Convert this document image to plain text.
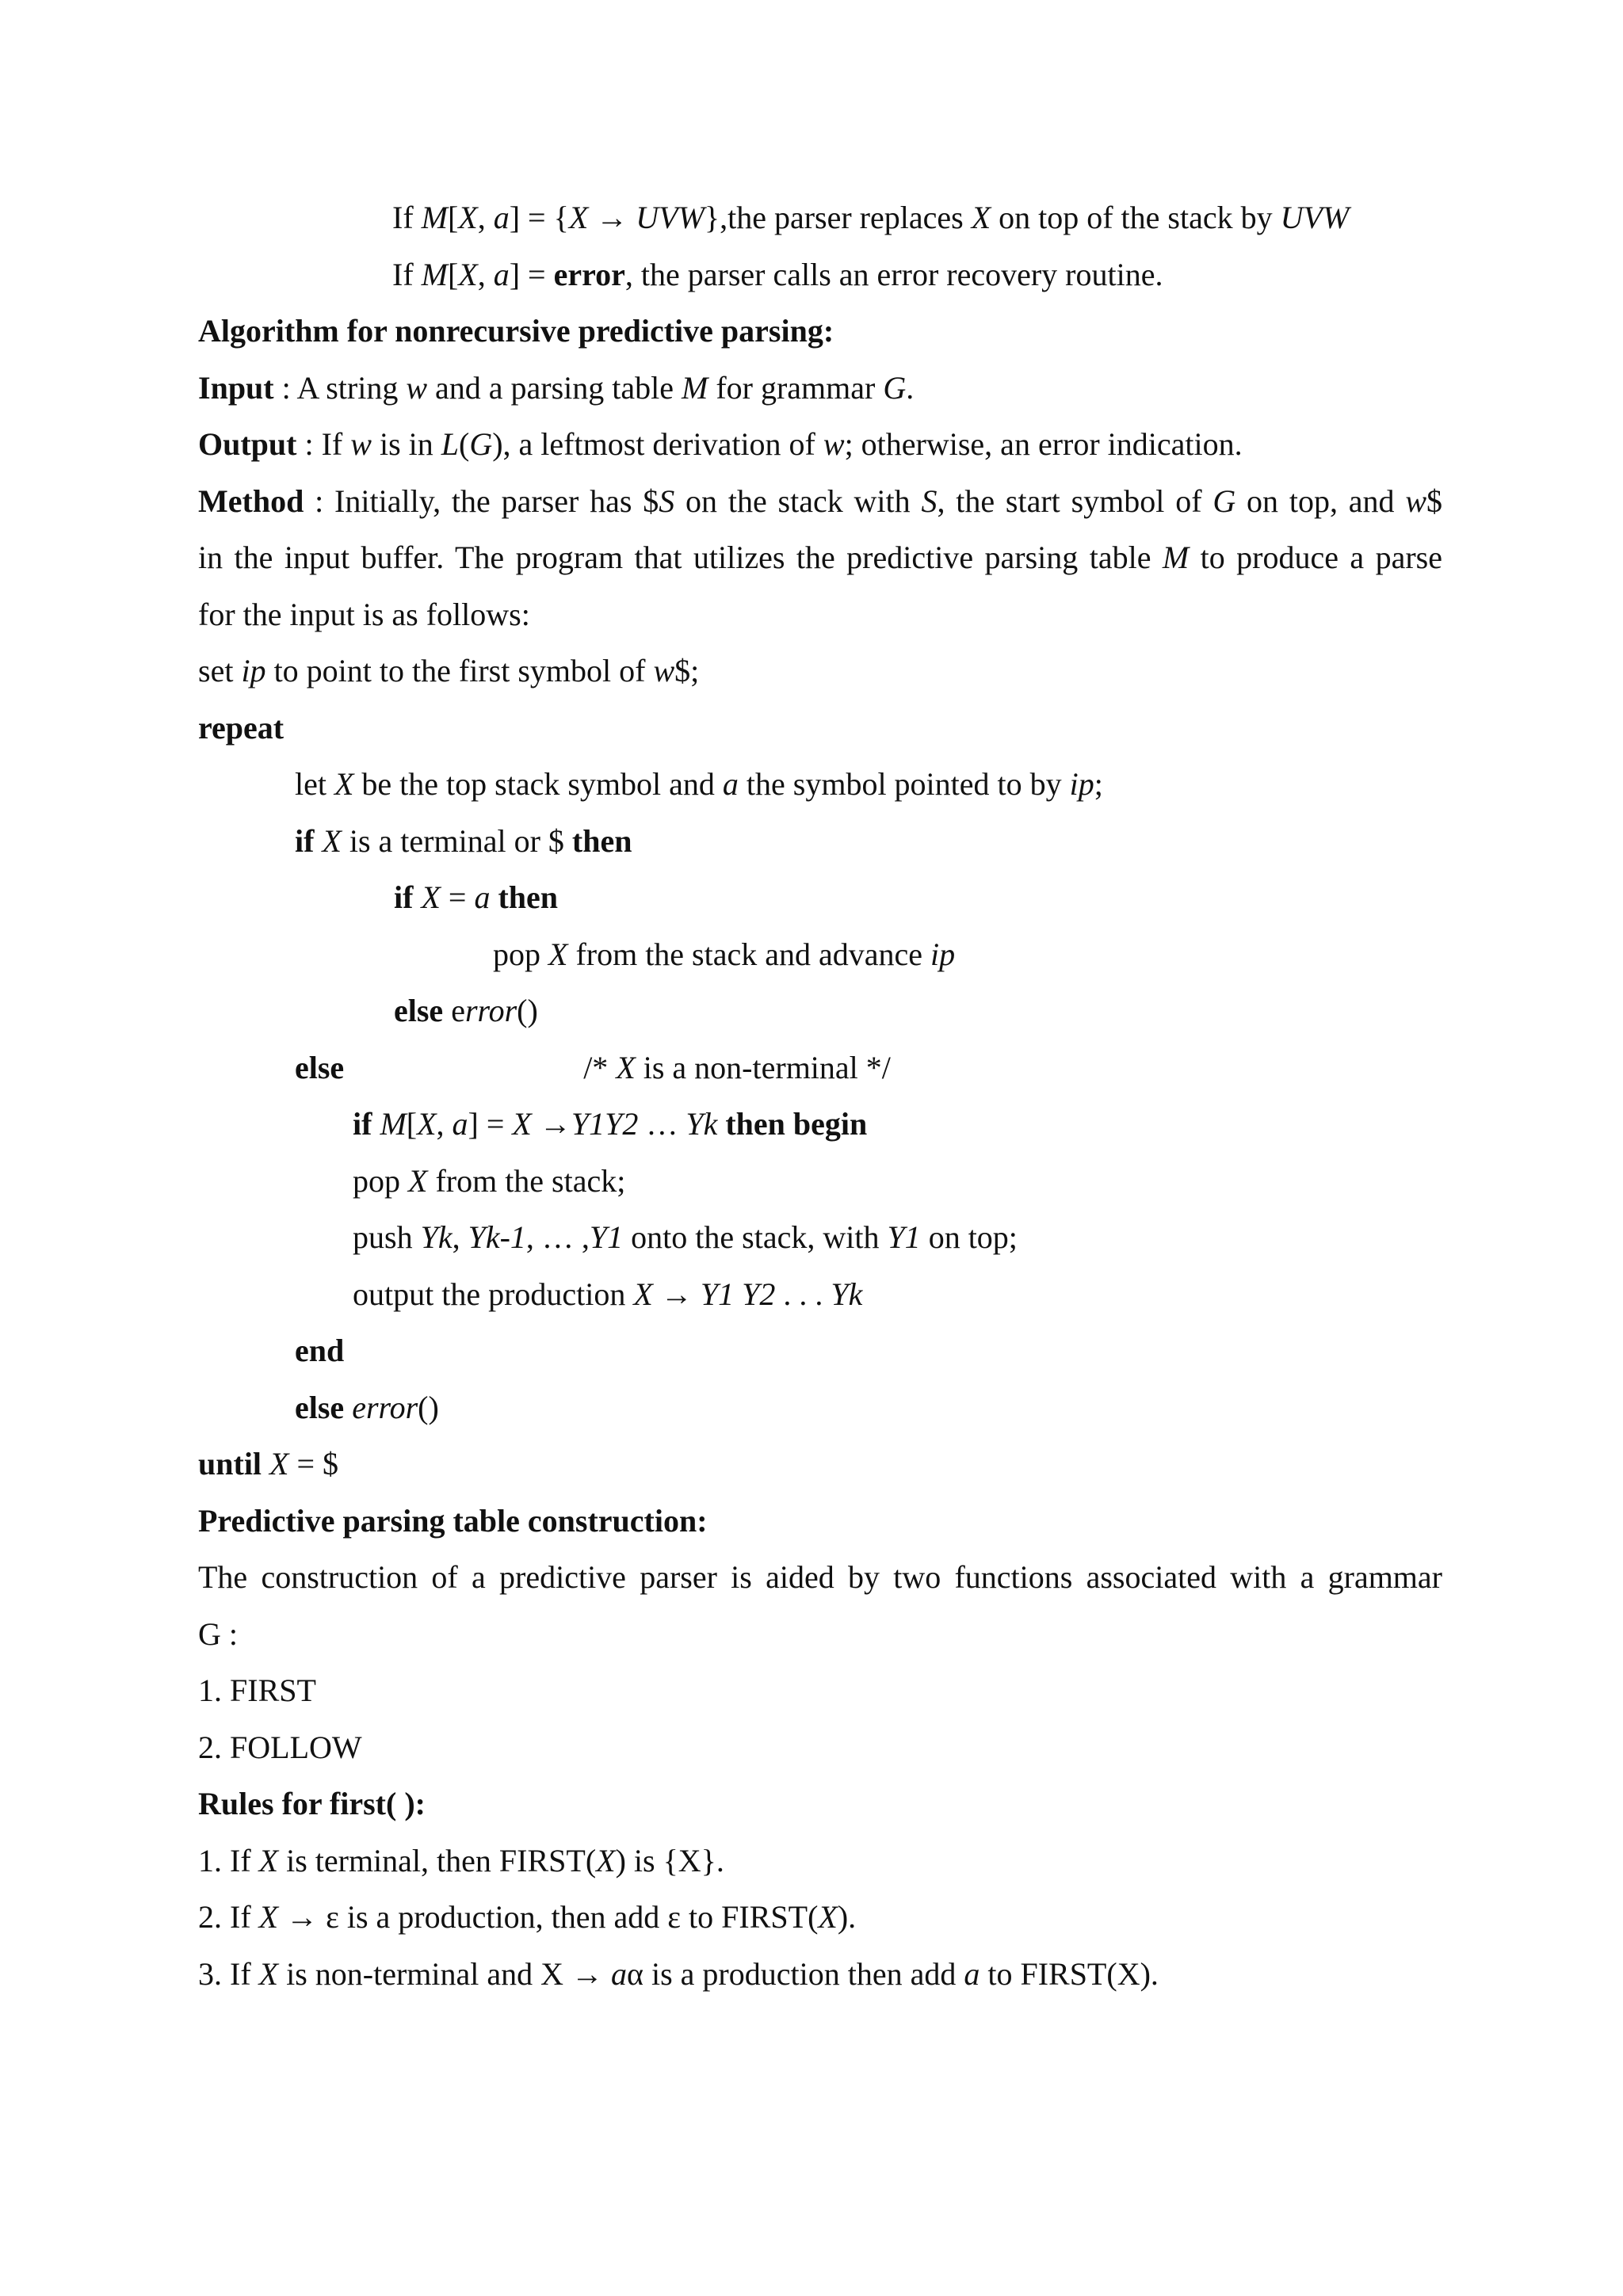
If M[X, a] = {X → UVW},the parser replaces X on top of the stack by UVW
If M[X, a] = error, the parser calls an error recovery routine.
Algorithm for nonrecursive predictive parsing:
Input : A string w and a parsing table M for grammar G.
Output : If w is in L(G), a leftmost derivation of w; otherwise, an error indication.
Method : Initially, the parser has $S on the stack with S, the start symbol of G on top, and w$
in the input buffer. The program that utilizes the predictive parsing table M to produce a parse
for the input is as follows:
set ip to point to the first symbol of w$;
repeat
let X be the top stack symbol and a the symbol pointed to by ip;
if X is a terminal or $ then
if X = a then
pop X from the stack and advance ip
else error()
else	/* X is a non-terminal */
if M[X, a] = X →Y1Y2 … Yk then begin
pop X from the stack;
push Yk, Yk-1, … ,Y1 onto the stack, with Y1 on top;
output the production X → Y1 Y2 . . . Yk
end
else error()
until X = $
Predictive parsing table construction:
The construction of a predictive parser is aided by two functions associated with a grammar
G :
1. FIRST
2. FOLLOW
Rules for first( ):
1. If X is terminal, then FIRST(X) is {X}.
2. If X → ε is a production, then add ε to FIRST(X).
3. If X is non-terminal and X → aα is a production then add a to FIRST(X).
